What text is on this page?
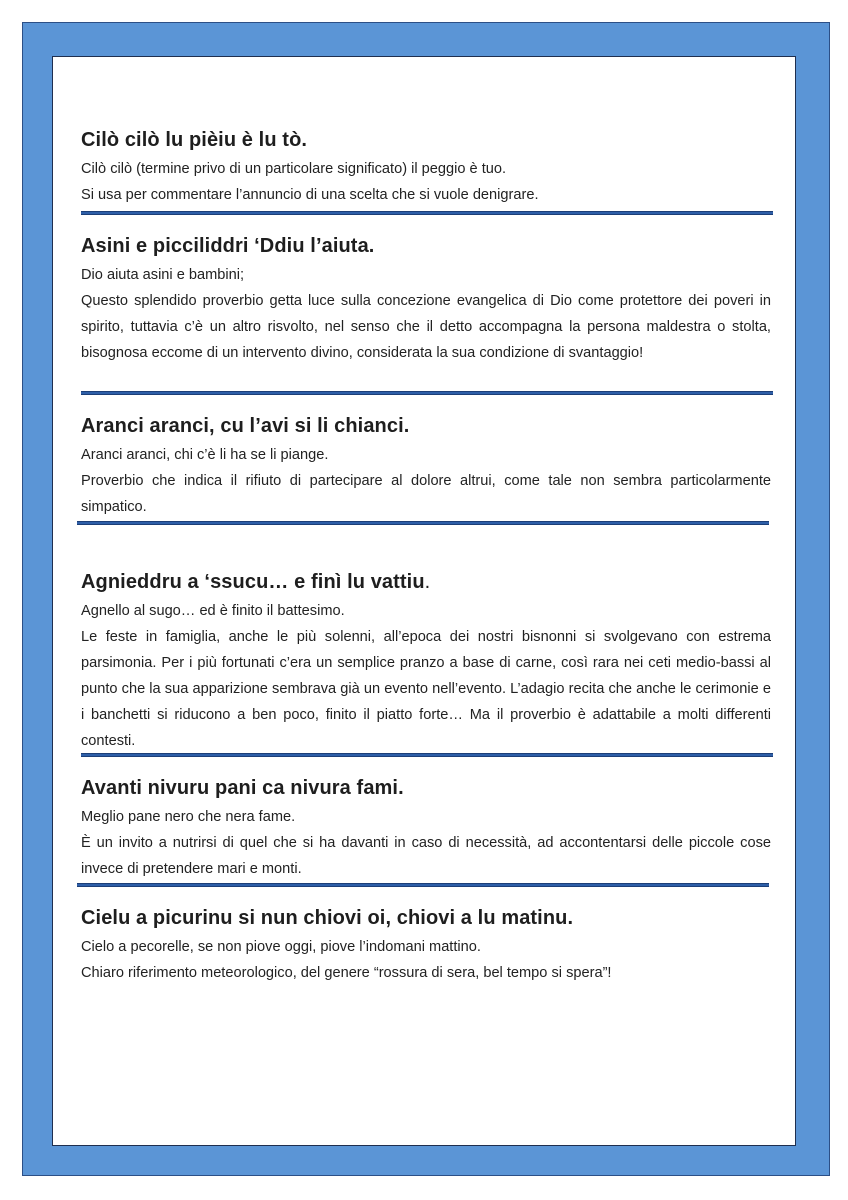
Cilò cilò lu pièiu è lu tò.

Cilò cilò (termine privo di un particolare significato) il peggio è tuo.

Si usa per commentare l’annuncio di una scelta che si vuole denigrare.

Asini e picciliddri ‘Ddiu l’aiuta.

Dio aiuta asini e bambini;

Questo splendido proverbio getta luce sulla concezione evangelica di Dio come protettore dei poveri in spirito, tuttavia c’è un altro risvolto, nel senso che il detto accompagna la persona maldestra o stolta, bisognosa eccome di un intervento divino, considerata la sua condizione di svantaggio!

Aranci aranci, cu l’avi si li chianci.

Aranci aranci, chi c’è li ha se li piange.

Proverbio che indica il rifiuto di partecipare al dolore altrui, come tale non sembra particolarmente simpatico.

Agnieddru a ‘ssucu… e finì lu vattiu.

Agnello al sugo… ed è finito il battesimo.

Le feste in famiglia, anche le più solenni, all’epoca dei nostri bisnonni si svolgevano con estrema parsimonia. Per i più fortunati c’era un semplice pranzo a base di carne, così rara nei ceti medio-bassi al punto che la sua apparizione sembrava già un evento nell’evento. L’adagio recita che anche le cerimonie e i banchetti si riducono a ben poco, finito il piatto forte… Ma il proverbio è adattabile a molti differenti contesti.

Avanti nivuru pani ca nivura fami.

Meglio pane nero che nera fame.

È un invito a nutrirsi di quel che si ha davanti in caso di necessità, ad accontentarsi delle piccole cose invece di pretendere mari e monti.

Cielu a picurinu si nun chiovi oi, chiovi a lu matinu.

Cielo a pecorelle, se non piove oggi, piove l’indomani mattino.

Chiaro riferimento meteorologico, del genere “rossura di sera, bel tempo si spera”!
